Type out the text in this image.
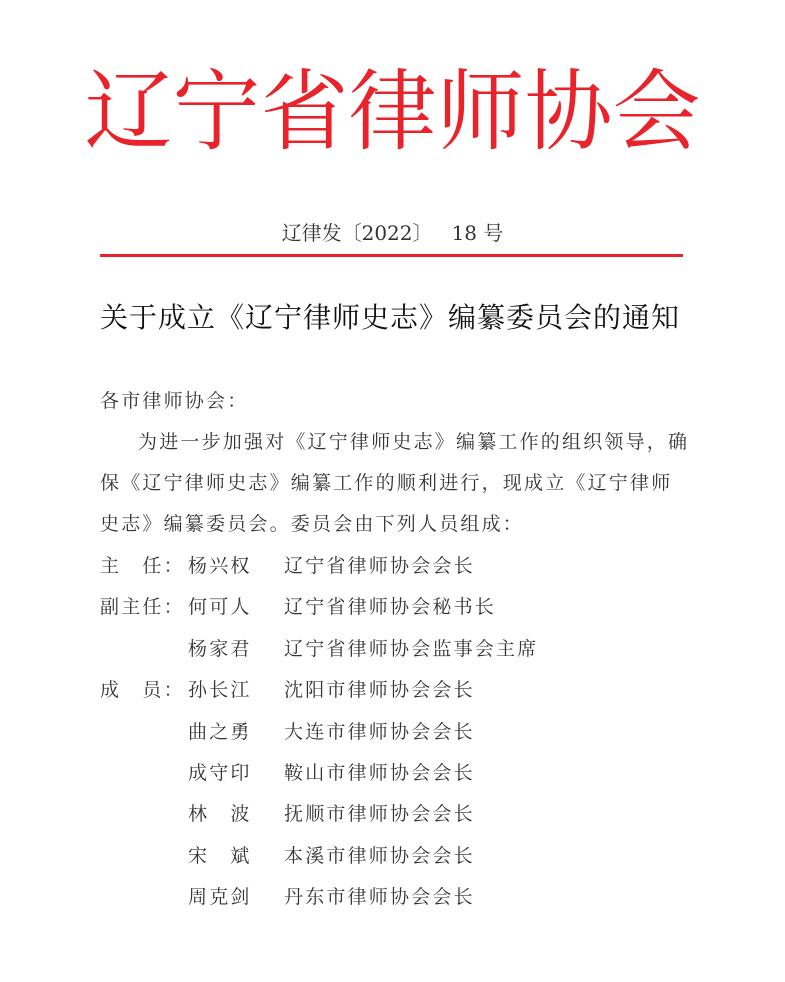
辽宁省律师协会
辽律发〔2022〕   18 号
关于成立《辽宁律师史志》编纂委员会的通知
各市律师协会：
为进一步加强对《辽宁律师史志》编纂工作的组织领导，确保《辽宁律师史志》编纂工作的顺利进行，现成立《辽宁律师史志》编纂委员会。委员会由下列人员组成：
主　任： 杨兴权 辽宁省律师协会会长
副主任： 何可人 辽宁省律师协会秘书长
杨家君 辽宁省律师协会监事会主席
成　员： 孙长江 沈阳市律师协会会长
曲之勇 大连市律师协会会长
成守印 鞍山市律师协会会长
林　波 抚顺市律师协会会长
宋　斌 本溪市律师协会会长
周克剑 丹东市律师协会会长
